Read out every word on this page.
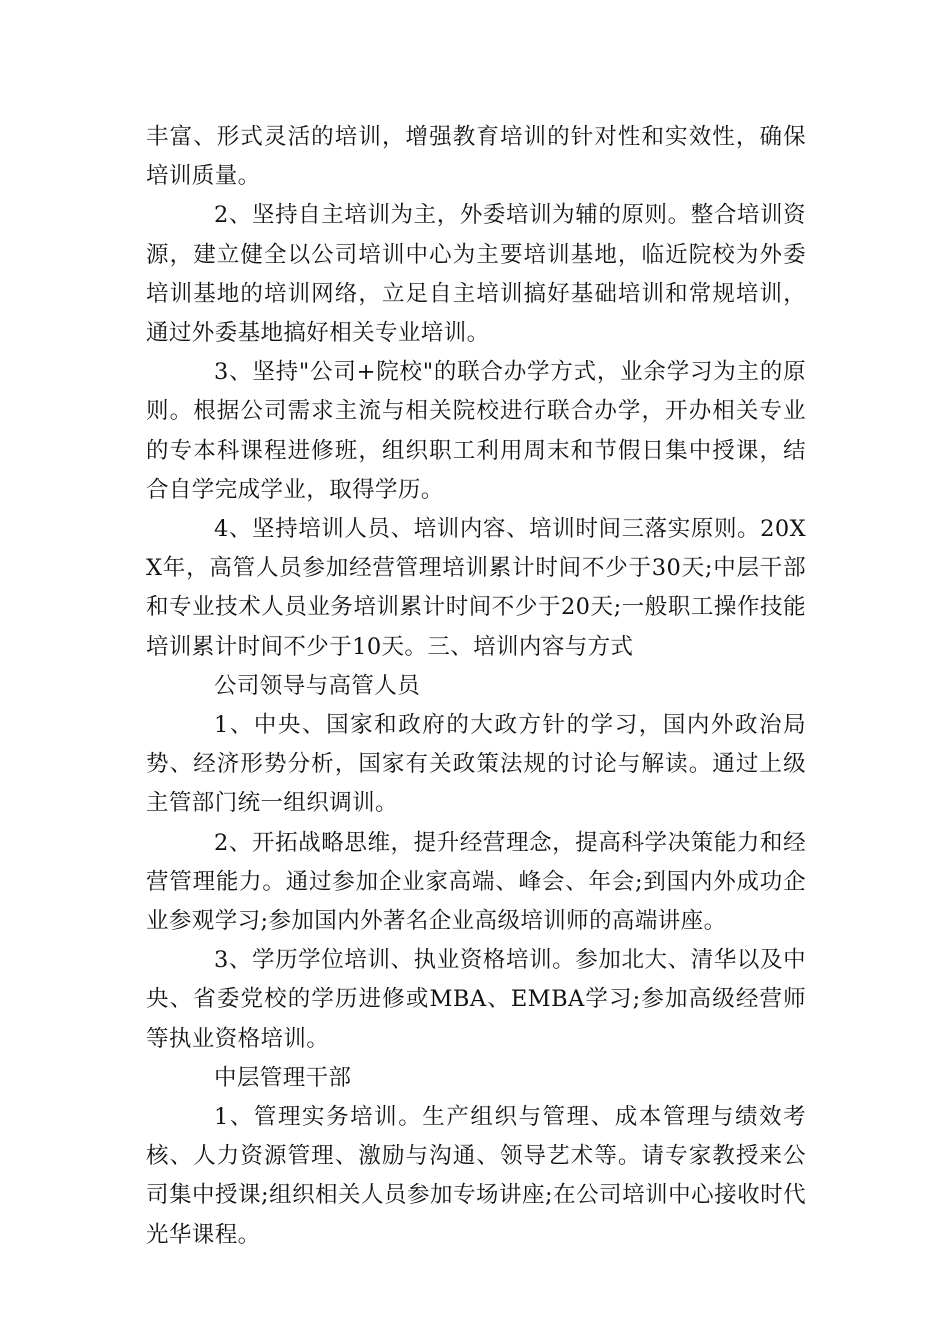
丰富、形式灵活的培训，增强教育培训的针对性和实效性，确保培训质量。

2、坚持自主培训为主，外委培训为辅的原则。整合培训资源，建立健全以公司培训中心为主要培训基地，临近院校为外委培训基地的培训网络，立足自主培训搞好基础培训和常规培训，通过外委基地搞好相关专业培训。

3、坚持"公司+院校"的联合办学方式，业余学习为主的原则。根据公司需求主流与相关院校进行联合办学，开办相关专业的专本科课程进修班，组织职工利用周末和节假日集中授课，结合自学完成学业，取得学历。

4、坚持培训人员、培训内容、培训时间三落实原则。20XX年，高管人员参加经营管理培训累计时间不少于30天;中层干部和专业技术人员业务培训累计时间不少于20天;一般职工操作技能培训累计时间不少于10天。三、培训内容与方式

公司领导与高管人员

1、中央、国家和政府的大政方针的学习，国内外政治局势、经济形势分析，国家有关政策法规的讨论与解读。通过上级主管部门统一组织调训。

2、开拓战略思维，提升经营理念，提高科学决策能力和经营管理能力。通过参加企业家高端、峰会、年会;到国内外成功企业参观学习;参加国内外著名企业高级培训师的高端讲座。

3、学历学位培训、执业资格培训。参加北大、清华以及中央、省委党校的学历进修或MBA、EMBA学习;参加高级经营师等执业资格培训。

中层管理干部

1、管理实务培训。生产组织与管理、成本管理与绩效考核、人力资源管理、激励与沟通、领导艺术等。请专家教授来公司集中授课;组织相关人员参加专场讲座;在公司培训中心接收时代光华课程。
